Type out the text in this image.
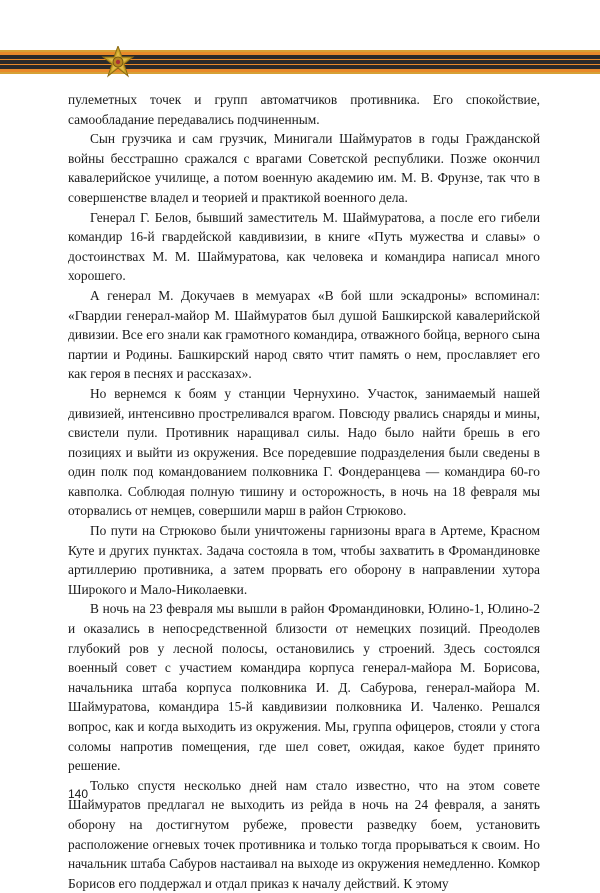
пулеметных точек и групп автоматчиков противника. Его спокойствие, самообладание передавались подчиненным.

Сын грузчика и сам грузчик, Минигали Шаймуратов в годы Гражданской войны бесстрашно сражался с врагами Советской республики. Позже окончил кавалерийское училище, а потом военную академию им. М. В. Фрунзе, так что в совершенстве владел и теорией и практикой военного дела.

Генерал Г. Белов, бывший заместитель М. Шаймуратова, а после его гибели командир 16-й гвардейской кавдивизии, в книге «Путь мужества и славы» о достоинствах М. М. Шаймуратова, как человека и командира написал много хорошего.

А генерал М. Докучаев в мемуарах «В бой шли эскадроны» вспоминал: «Гвардии генерал-майор М. Шаймуратов был душой Башкирской кавалерийской дивизии. Все его знали как грамотного командира, отважного бойца, верного сына партии и Родины. Башкирский народ свято чтит память о нем, прославляет его как героя в песнях и рассказах».

Но вернемся к боям у станции Чернухино. Участок, занимаемый нашей дивизией, интенсивно простреливался врагом. Повсюду рвались снаряды и мины, свистели пули. Противник наращивал силы. Надо было найти брешь в его позициях и выйти из окружения. Все поредевшие подразделения были сведены в один полк под командованием полковника Г. Фондеранцева — командира 60-го кавполка. Соблюдая полную тишину и осторожность, в ночь на 18 февраля мы оторвались от немцев, совершили марш в район Стрюково.

По пути на Стрюково были уничтожены гарнизоны врага в Артеме, Красном Куте и других пунктах. Задача состояла в том, чтобы захватить в Фромандиновке артиллерию противника, а затем прорвать его оборону в направлении хутора Широкого и Мало-Николаевки.

В ночь на 23 февраля мы вышли в район Фромандиновки, Юлино-1, Юлино-2 и оказались в непосредственной близости от немецких позиций. Преодолев глубокий ров у лесной полосы, остановились у строений. Здесь состоялся военный совет с участием командира корпуса генерал-майора М. Борисова, начальника штаба корпуса полковника И. Д. Сабурова, генерал-майора М. Шаймуратова, командира 15-й кавдивизии полковника И. Чаленко. Решался вопрос, как и когда выходить из окружения. Мы, группа офицеров, стояли у стога соломы напротив помещения, где шел совет, ожидая, какое будет принято решение.

Только спустя несколько дней нам стало известно, что на этом совете Шаймуратов предлагал не выходить из рейда в ночь на 24 февраля, а занять оборону на достигнутом рубеже, провести разведку боем, установить расположение огневых точек противника и только тогда прорываться к своим. Но начальник штаба Сабуров настаивал на выходе из окружения немедленно. Комкор Борисов его поддержал и отдал приказ к началу действий. К этому

140
